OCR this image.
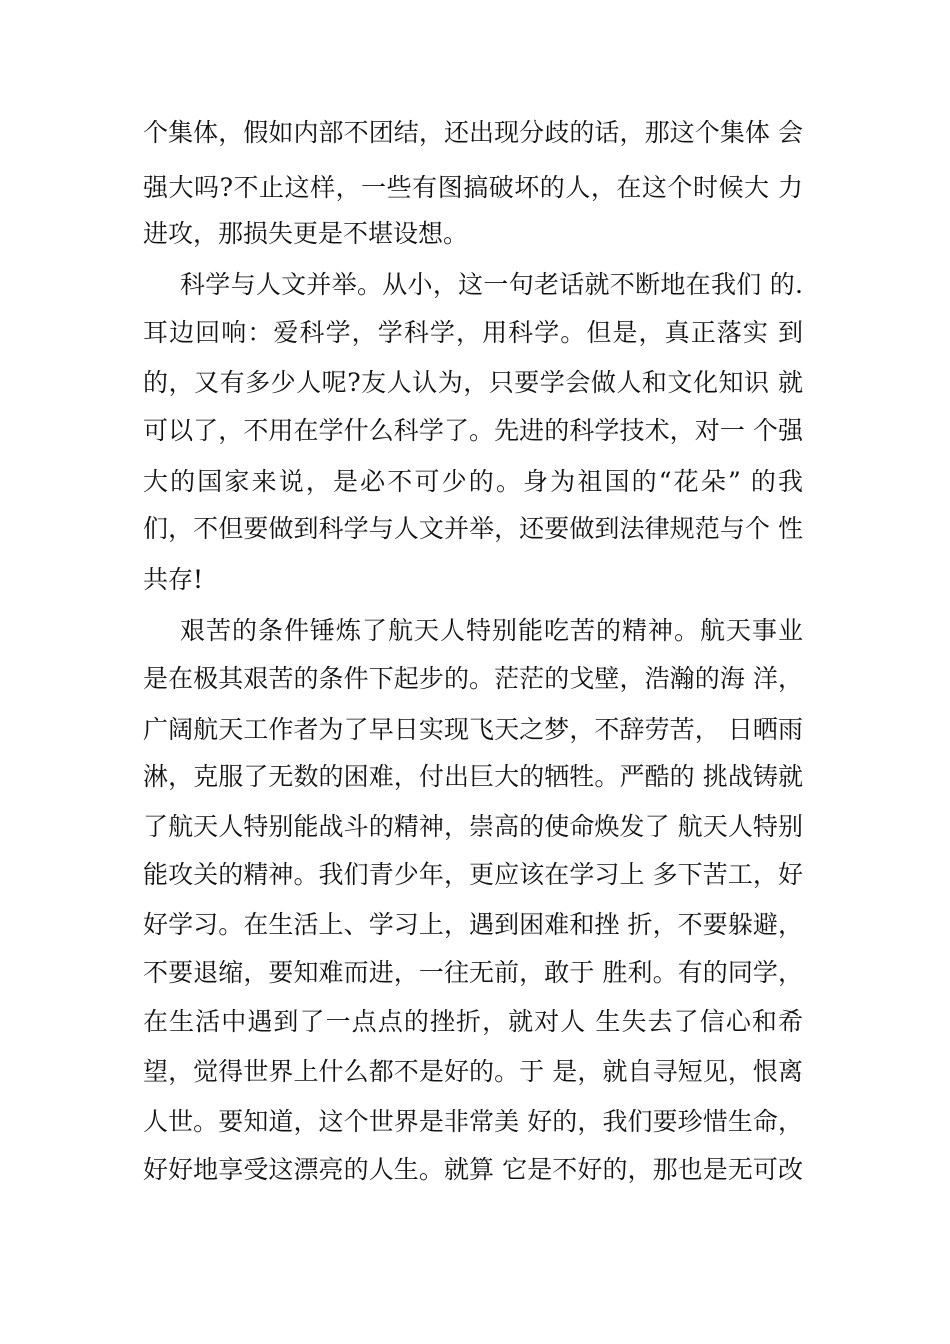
个集体，假如内部不团结，还出现分歧的话，那这个集体 会
强大吗?不止这样，一些有图搞破坏的人，在这个时候大 力
进攻，那损失更是不堪设想。
科学与人文并举。从小，这一句老话就不断地在我们 的.
耳边回响：爱科学，学科学，用科学。但是，真正落实 到
的，又有多少人呢?友人认为，只要学会做人和文化知识 就
可以了，不用在学什么科学了。先进的科学技术，对一 个强
大的国家来说，是必不可少的。身为祖国的“花朵” 的我
们，不但要做到科学与人文并举，还要做到法律规范与个 性
共存!
艰苦的条件锤炼了航天人特别能吃苦的精神。航天事业
是在极其艰苦的条件下起步的。茫茫的戈壁，浩瀚的海 洋，
广阔航天工作者为了早日实现飞天之梦，不辞劳苦， 日晒雨
淋，克服了无数的困难，付出巨大的牺牲。严酷的 挑战铸就
了航天人特别能战斗的精神，崇高的使命焕发了 航天人特别
能攻关的精神。我们青少年，更应该在学习上 多下苦工，好
好学习。在生活上、学习上，遇到困难和挫 折，不要躲避，
不要退缩，要知难而进，一往无前，敢于 胜利。有的同学，
在生活中遇到了一点点的挫折，就对人 生失去了信心和希
望，觉得世界上什么都不是好的。于 是，就自寻短见，恨离
人世。要知道，这个世界是非常美 好的，我们要珍惜生命，
好好地享受这漂亮的人生。就算 它是不好的，那也是无可改
